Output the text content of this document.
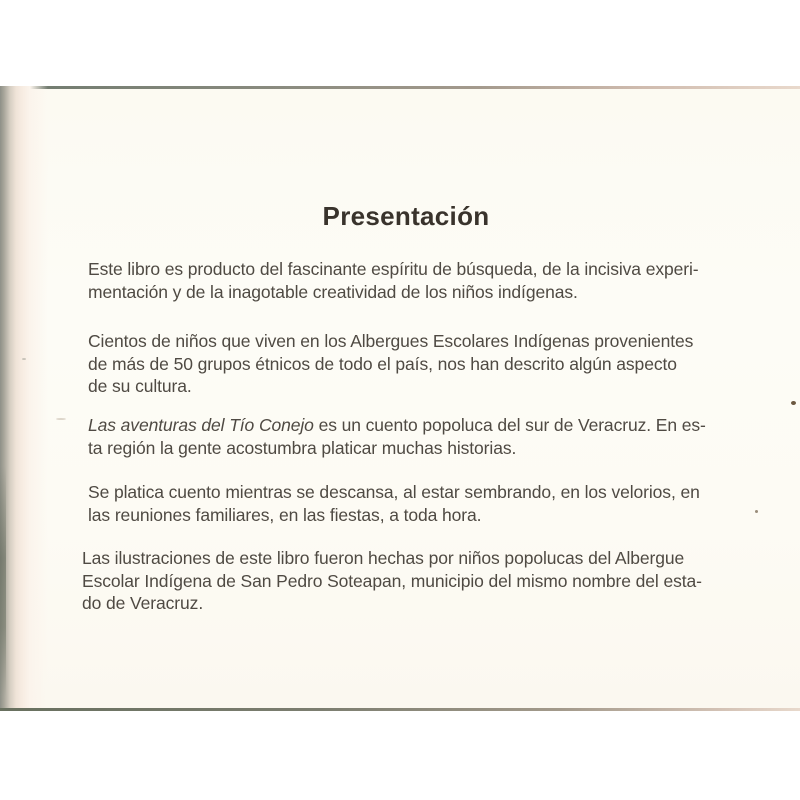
Presentación

Este libro es producto del fascinante espíritu de búsqueda, de la incisiva experi-
mentación y de la inagotable creatividad de los niños indígenas.

Cientos de niños que viven en los Albergues Escolares Indígenas provenientes
de más de 50 grupos étnicos de todo el país, nos han descrito algún aspecto
de su cultura.

Las aventuras del Tío Conejo es un cuento popoluca del sur de Veracruz. En es-
ta región la gente acostumbra platicar muchas historias.

Se platica cuento mientras se descansa, al estar sembrando, en los velorios, en
las reuniones familiares, en las fiestas, a toda hora.

Las ilustraciones de este libro fueron hechas por niños popolucas del Albergue
Escolar Indígena de San Pedro Soteapan, municipio del mismo nombre del esta-
do de Veracruz.
